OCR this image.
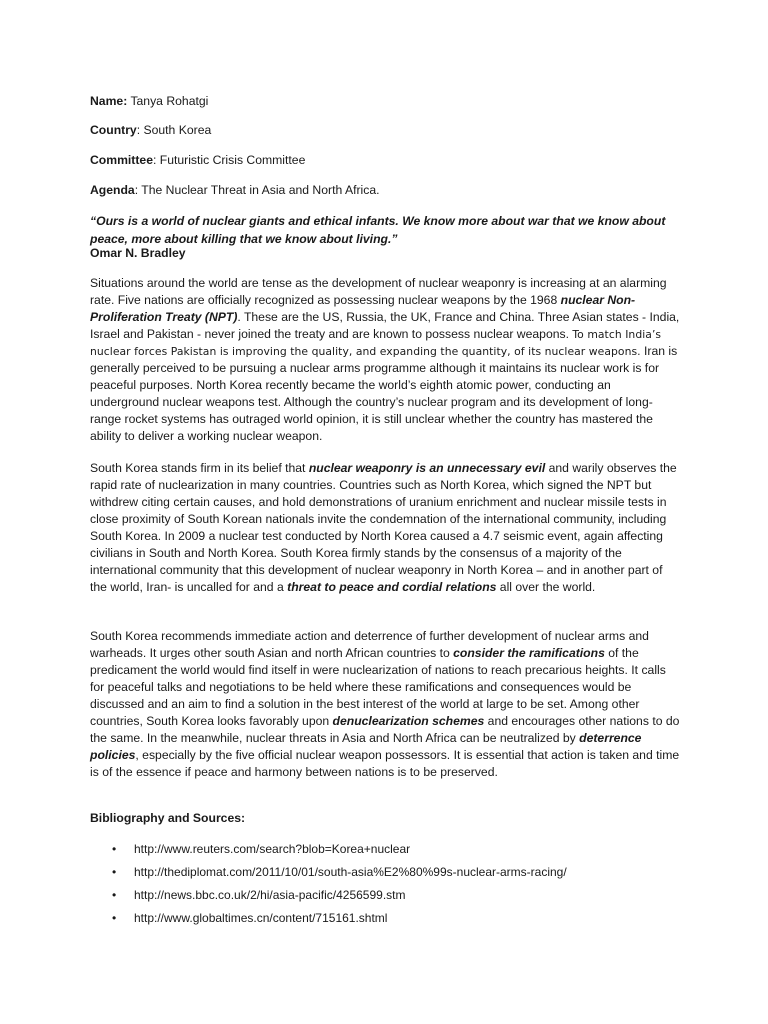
Name: Tanya Rohatgi
Country: South Korea
Committee: Futuristic Crisis Committee
Agenda: The Nuclear Threat in Asia and North Africa.
“Ours is a world of nuclear giants and ethical infants. We know more about war that we know about peace, more about killing that we know about living.”
Omar N. Bradley
Situations around the world are tense as the development of nuclear weaponry is increasing at an alarming rate. Five nations are officially recognized as possessing nuclear weapons by the 1968 nuclear Non-Proliferation Treaty (NPT). These are the US, Russia, the UK, France and China. Three Asian states - India, Israel and Pakistan - never joined the treaty and are known to possess nuclear weapons. To match India’s nuclear forces Pakistan is improving the quality, and expanding the quantity, of its nuclear weapons. Iran is generally perceived to be pursuing a nuclear arms programme although it maintains its nuclear work is for peaceful purposes. North Korea recently became the world’s eighth atomic power, conducting an underground nuclear weapons test. Although the country’s nuclear program and its development of long-range rocket systems has outraged world opinion, it is still unclear whether the country has mastered the ability to deliver a working nuclear weapon.
South Korea stands firm in its belief that nuclear weaponry is an unnecessary evil and warily observes the rapid rate of nuclearization in many countries. Countries such as North Korea, which signed the NPT but withdrew citing certain causes, and hold demonstrations of uranium enrichment and nuclear missile tests in close proximity of South Korean nationals invite the condemnation of the international community, including South Korea. In 2009 a nuclear test conducted by North Korea caused a 4.7 seismic event, again affecting civilians in South and North Korea. South Korea firmly stands by the consensus of a majority of the international community that this development of nuclear weaponry in North Korea – and in another part of the world, Iran- is uncalled for and a threat to peace and cordial relations all over the world.
South Korea recommends immediate action and deterrence of further development of nuclear arms and warheads. It urges other south Asian and north African countries to consider the ramifications of the predicament the world would find itself in were nuclearization of nations to reach precarious heights. It calls for peaceful talks and negotiations to be held where these ramifications and consequences would be discussed and an aim to find a solution in the best interest of the world at large to be set. Among other countries, South Korea looks favorably upon denuclearization schemes and encourages other nations to do the same. In the meanwhile, nuclear threats in Asia and North Africa can be neutralized by deterrence policies, especially by the five official nuclear weapon possessors. It is essential that action is taken and time is of the essence if peace and harmony between nations is to be preserved.
Bibliography and Sources:
• http://www.reuters.com/search?blob=Korea+nuclear
• http://thediplomat.com/2011/10/01/south-asia%E2%80%99s-nuclear-arms-racing/
• http://news.bbc.co.uk/2/hi/asia-pacific/4256599.stm
• http://www.globaltimes.cn/content/715161.shtml
